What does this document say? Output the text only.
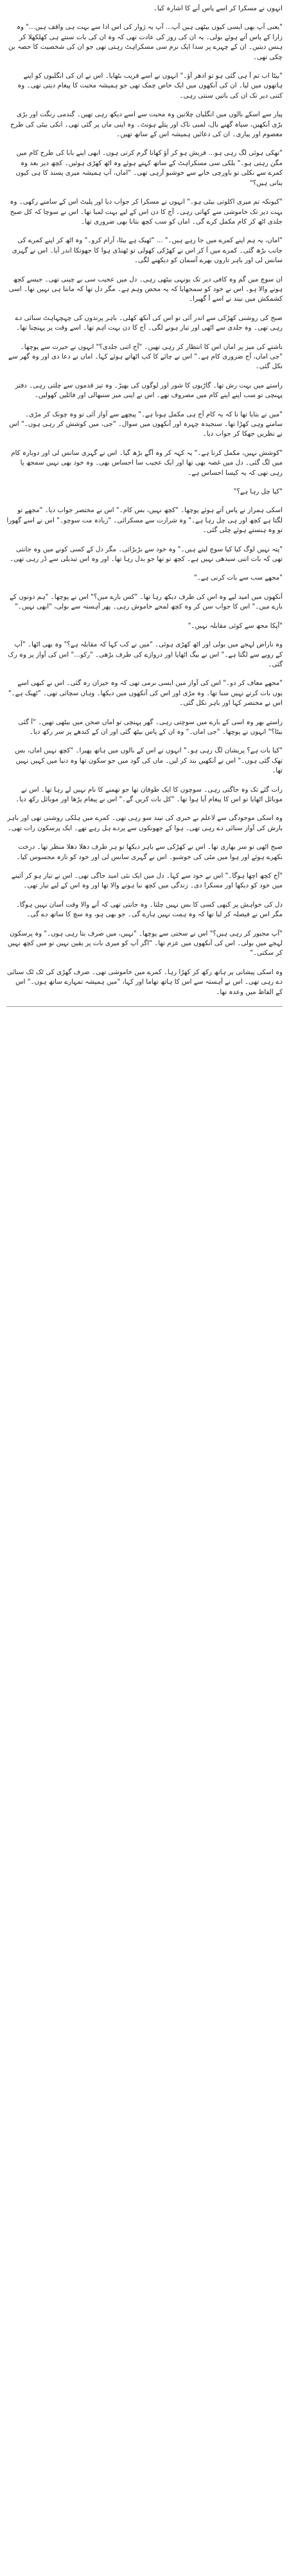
انہوں نے مسکرا کر اسے پاس آنے کا اشارہ کیا۔

"یعنی آپ بھی ایسی کیوں بیٹھی ہیں آپ... آپ یہ ژوار کی اس ادا سے بہت ہی واقف ہیں..." وہ زارا کے پاس آتے ہوئے بولی۔ یہ ان کی روز کی عادت تھی کہ وہ ان کی بات سنتے ہی کھلکھلا کر ہنس دیتیں۔ ان کے چہرے پر سدا ایک نرم سی مسکراہٹ رہتی تھی جو ان کی شخصیت کا حصہ بن چکی تھی۔

"بیٹا اب تم آ ہی گئی ہو تو ادھر آؤ۔" انہوں نے اسے قریب بٹھایا۔ اس نے ان کی انگلیوں کو اپنے ہاتھوں میں لیا۔ ان کی آنکھوں میں ایک خاص چمک تھی جو ہمیشہ محبت کا پیغام دیتی تھی۔ وہ کتنی دیر تک ان کی باتیں سنتی رہی۔

پیار سے اسکے بالوں میں انگلیاں چلاتیں وہ محبت سے اسے دیکھ رہی تھیں۔ گندمی رنگت اور بڑی بڑی آنکھیں، سیاہ گھنے بال، لمبی ناک اور پتلے ہونٹ۔ وہ اپنی ماں پر گئی تھی۔ انکی بیٹی کی طرح معصوم اور پیاری۔ ان کی دعائیں ہمیشہ اس کے ساتھ تھیں۔

"تھکی ہوئی لگ رہی ہو... فریش ہو کر آؤ کھانا گرم کرتی ہوں۔ ابھی اپنے بابا کی طرح کام میں مگن رہتی ہو۔" بلکی سی مسکراہٹ کے ساتھ کہتے ہوئے وہ اٹھ کھڑی ہوئیں۔ کچھ دیر بعد وہ کمرے سے نکلی تو باورچی خانے سے خوشبو آرہی تھی۔ "اماں، آپ ہمیشہ میری پسند کا ہی کیوں بناتی ہیں؟"

"کیونکہ تم میری اکلوتی بیٹی ہو۔" انہوں نے مسکرا کر جواب دیا اور پلیٹ اس کے سامنے رکھی۔ وہ بہت دیر تک خاموشی سے کھاتی رہی۔ آج کا دن اس کے لیے بہت لمبا تھا۔ اس نے سوچا کہ کل صبح جلدی اٹھ کر کام مکمل کرے گی۔ اماں کو سب کچھ بتانا بھی ضروری تھا۔

"اماں، یہ ہم اپنے کمرے میں جا رہے ہیں۔" ... "ٹھیک ہے بیٹا، آرام کرو۔" وہ اٹھ کر اپنے کمرے کی جانب بڑھ گئی۔ کمرے میں آ کر اس نے کھڑکی کھولی تو ٹھنڈی ہوا کا جھونکا اندر آیا۔ اس نے گہری سانس لی اور باہر تاروں بھرے آسمان کو دیکھنے لگی۔

ان سوچ میں گم وہ کافی دیر تک یونہی بیٹھی رہی۔ دل میں عجیب سی بے چینی تھی۔ جیسے کچھ ہونے والا ہو۔ اس نے خود کو سمجھایا کہ یہ محض وہم ہے۔ مگر دل تھا کہ مانتا ہی نہیں تھا۔ اسی کشمکش میں نیند نے اسے آ گھیرا۔

صبح کی روشنی کھڑکی سے اندر آئی تو اس کی آنکھ کھلی۔ باہر پرندوں کی چہچہاہٹ سنائی دے رہی تھی۔ وہ جلدی سے اٹھی اور تیار ہونے لگی۔ آج کا دن بہت اہم تھا۔ اسے وقت پر پہنچنا تھا۔

ناشتے کی میز پر اماں اس کا انتظار کر رہی تھیں۔ "آج اتنی جلدی؟" انہوں نے حیرت سے پوچھا۔ "جی اماں، آج ضروری کام ہے۔" اس نے چائے کا کپ اٹھاتے ہوئے کہا۔ اماں نے دعا دی اور وہ گھر سے نکل گئی۔

راستے میں بہت رش تھا۔ گاڑیوں کا شور اور لوگوں کی بھیڑ۔ وہ تیز قدموں سے چلتی رہی۔ دفتر پہنچی تو سب اپنے اپنے کام میں مصروف تھے۔ اس نے اپنی میز سنبھالی اور فائلیں کھولیں۔

"میں نے بتایا تھا نا کہ یہ کام آج ہی مکمل ہونا ہے۔" پیچھے سے آواز آئی تو وہ چونک کر مڑی۔ سامنے وہی کھڑا تھا۔ سنجیدہ چہرہ اور آنکھوں میں سوال۔ "جی، میں کوشش کر رہی ہوں۔" اس نے نظریں جھکا کر جواب دیا۔

"کوشش نہیں، مکمل کرنا ہے۔" یہ کہہ کر وہ آگے بڑھ گیا۔ اس نے گہری سانس لی اور دوبارہ کام میں لگ گئی۔ دل میں غصہ بھی تھا اور ایک عجیب سا احساس بھی۔ وہ خود بھی نہیں سمجھ پا رہی تھی کہ یہ کیسا احساس ہے۔

"کیا چل رہا ہے؟"

اسکی ہمراز نے پاس آتے ہوئے پوچھا۔ "کچھ نہیں، بس کام۔" اس نے مختصر جواب دیا۔ "مجھے تو لگتا ہے کچھ اور ہی چل رہا ہے۔" وہ شرارت سے مسکرائی۔ "زیادہ مت سوچو۔" اس نے اسے گھورا تو وہ ہنستے ہوئے چلی گئی۔

"پتہ نہیں لوگ کیا کیا سوچ لیتے ہیں۔" وہ خود سے بڑبڑائی۔ مگر دل کے کسی کونے میں وہ جانتی تھی کہ بات اتنی سیدھی نہیں ہے۔ کچھ تو تھا جو بدل رہا تھا۔ اور وہ اس تبدیلی سے ڈر رہی تھی۔

"مجھے سب سے بات کرنی ہے۔"

آنکھوں میں امید لیے وہ اس کی طرف دیکھ رہا تھا۔ "کس بارے میں؟" اس نے پوچھا۔ "ہم دونوں کے بارے میں۔" اس کا جواب سن کر وہ کچھ لمحے خاموش رہی۔ پھر آہستہ سے بولی، "ابھی نہیں۔"

"آپکا مجھ سے کوئی مقابلہ نہیں۔"

وہ ناراض لہجے میں بولی اور اٹھ کھڑی ہوئی۔ "میں نے کب کہا کہ مقابلہ ہے؟" وہ بھی اٹھا۔ "آپ کے رویے سے لگتا ہے۔" اس نے بیگ اٹھایا اور دروازے کی طرف بڑھی۔ "رکو..." اس کی آواز پر وہ رک گئی۔

"مجھے معاف کر دو۔" اس کی آواز میں ایسی نرمی تھی کہ وہ حیران رہ گئی۔ اس نے کبھی اسے یوں بات کرتے نہیں سنا تھا۔ وہ مڑی اور اس کی آنکھوں میں دیکھا۔ وہاں سچائی تھی۔ "ٹھیک ہے۔" اس نے مختصر کہا اور باہر نکل گئی۔

راستے بھر وہ اسی کے بارے میں سوچتی رہی۔ گھر پہنچی تو اماں صحن میں بیٹھی تھیں۔ "آ گئی بیٹا؟" انہوں نے پوچھا۔ "جی اماں۔" وہ ان کے پاس بیٹھ گئی اور ان کے کندھے پر سر رکھ دیا۔

"کیا بات ہے؟ پریشان لگ رہی ہو۔" انہوں نے اس کے بالوں میں ہاتھ پھیرا۔ "کچھ نہیں اماں، بس تھک گئی ہوں۔" اس نے آنکھیں بند کر لیں۔ ماں کی گود میں جو سکون تھا وہ دنیا میں کہیں نہیں تھا۔

رات گئے تک وہ جاگتی رہی۔ سوچوں کا ایک طوفان تھا جو تھمنے کا نام نہیں لے رہا تھا۔ اس نے موبائل اٹھایا تو اس کا پیغام آیا ہوا تھا۔ "کل بات کریں گے۔" اس نے پیغام پڑھا اور موبائل رکھ دیا۔

وہ اسکی موجودگی سے لاعلم بے خبری کی نیند سو رہی تھی۔ کمرے میں ہلکی روشنی تھی اور باہر بارش کی آواز سنائی دے رہی تھی۔ ہوا کے جھونکوں سے پردے ہل رہے تھے۔ ایک پرسکون رات تھی۔

صبح اٹھی تو سر بھاری تھا۔ اس نے کھڑکی سے باہر دیکھا تو ہر طرف دھلا دھلا منظر تھا۔ درخت نکھرے ہوئے اور ہوا میں مٹی کی خوشبو۔ اس نے گہری سانس لی اور خود کو تازہ محسوس کیا۔

"آج کچھ اچھا ہوگا۔" اس نے خود سے کہا۔ دل میں ایک نئی امید جاگی تھی۔ اس نے تیار ہو کر آئینے میں خود کو دیکھا اور مسکرا دی۔ زندگی میں کچھ نیا ہونے والا تھا اور وہ اس کے لیے تیار تھی۔

دل کی خواہش پر کبھی کسی کا بس نہیں چلتا۔ وہ جانتی تھی کہ آنے والا وقت آسان نہیں ہوگا۔ مگر اس نے فیصلہ کر لیا تھا کہ وہ ہمت نہیں ہارے گی۔ جو بھی ہو، وہ سچ کا ساتھ دے گی۔

"آپ مجبور کر رہی ہیں؟" اس نے سختی سے پوچھا۔ "نہیں، میں صرف بتا رہی ہوں۔" وہ پرسکون لہجے میں بولی۔ اس کی آنکھوں میں عزم تھا۔ "اگر آپ کو میری بات پر یقین نہیں تو میں کچھ نہیں کر سکتی۔"

وہ اسکی پیشانی پر ہاتھ رکھ کر کھڑا رہا۔ کمرے میں خاموشی تھی۔ صرف گھڑی کی ٹک ٹک سنائی دے رہی تھی۔ اس نے آہستہ سے اس کا ہاتھ تھاما اور کہا، "میں ہمیشہ تمہارے ساتھ ہوں۔" اس کے الفاظ میں وعدہ تھا۔
